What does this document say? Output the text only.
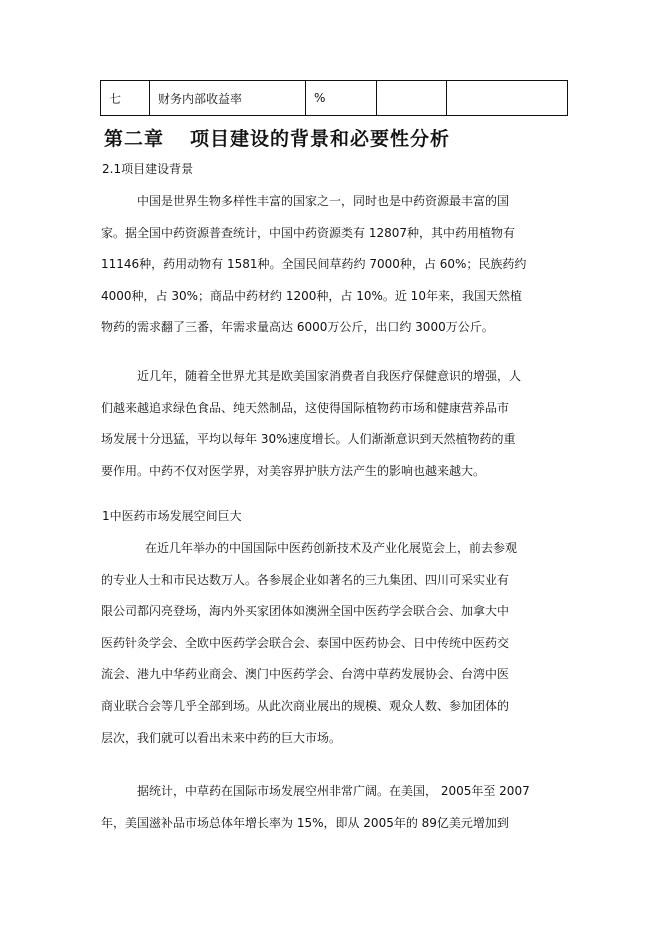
七	财务内部收益率	%		
第二章 项目建设的背景和必要性分析

2.1项目建设背景

中国是世界生物多样性丰富的国家之一，同时也是中药资源最丰富的国
家。据全国中药资源普查统计，中国中药资源类有 12807种，其中药用植物有
11146种，药用动物有 1581种。全国民间草药约 7000种，占 60%；民族药约
4000种，占 30%；商品中药材约 1200种，占 10%。近 10年来，我国天然植
物药的需求翻了三番，年需求量高达 6000万公斤，出口约 3000万公斤。
近几年，随着全世界尤其是欧美国家消费者自我医疗保健意识的增强，人
们越来越追求绿色食品、纯天然制品，这使得国际植物药市场和健康营养品市
场发展十分迅猛，平均以每年 30%速度增长。人们渐渐意识到天然植物药的重
要作用。中药不仅对医学界，对美容界护肤方法产生的影响也越来越大。

1中医药市场发展空间巨大

在近几年举办的中国国际中医药创新技术及产业化展览会上，前去参观
的专业人士和市民达数万人。各参展企业如著名的三九集团、四川可采实业有
限公司都闪亮登场，海内外买家团体如澳洲全国中医药学会联合会、加拿大中
医药针灸学会、全欧中医药学会联合会、泰国中医药协会、日中传统中医药交
流会、港九中华药业商会、澳门中医药学会、台湾中草药发展协会、台湾中医
商业联合会等几乎全部到场。从此次商业展出的规模、观众人数、参加团体的
层次，我们就可以看出未来中药的巨大市场。
据统计，中草药在国际市场发展空州非常广阔。在美国， 2005年至 2007
年，美国滋补品市场总体年增长率为 15%，即从 2005年的 89亿美元增加到
